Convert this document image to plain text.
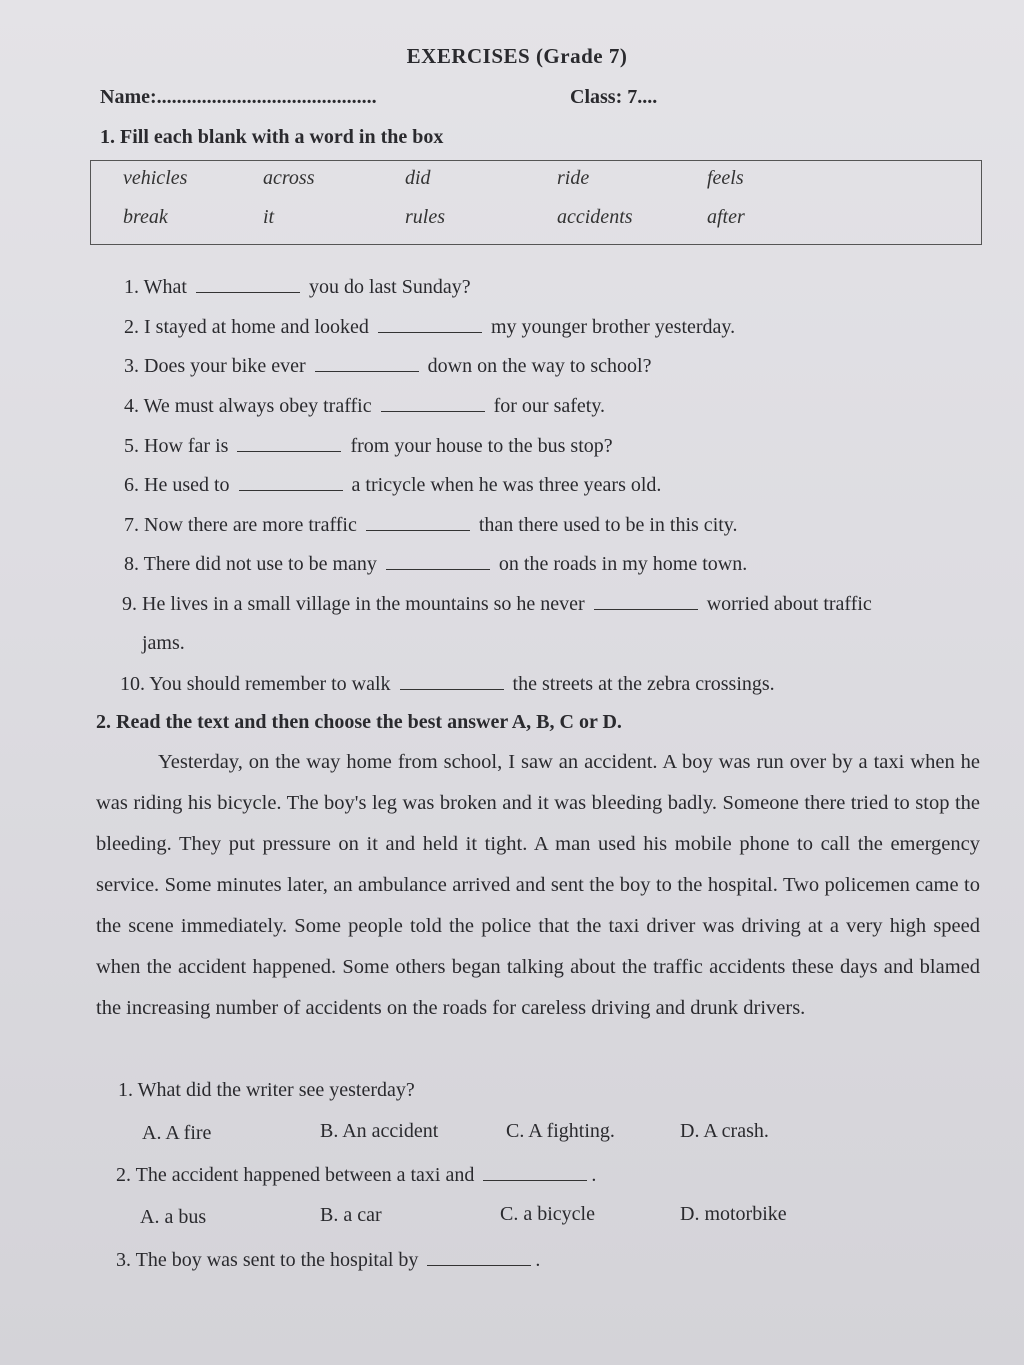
EXERCISES (Grade 7)
Name:............................................	Class: 7....
1. Fill each blank with a word in the box
vehicles	across	did	ride	feels
break	it	rules	accidents	after
1. What	you do last Sunday?
2. I stayed at home and looked	my younger brother yesterday.
3. Does your bike ever	down on the way to school?
4. We must always obey traffic	for our safety.
5. How far is	from your house to the bus stop?
6. He used to	a tricycle when he was three years old.
7. Now there are more traffic	than there used to be in this city.
8. There did not use to be many	on the roads in my home town.
9. He lives in a small village in the mountains so he never	worried about traffic
jams.
10. You should remember to walk	the streets at the zebra crossings.
2. Read the text and then choose the best answer A, B, C or D.

Yesterday, on the way home from school, I saw an accident. A boy was run over by a taxi when he was riding his bicycle. The boy's leg was broken and it was bleeding badly. Someone there tried to stop the bleeding. They put pressure on it and held it tight. A man used his mobile phone to call the emergency service. Some minutes later, an ambulance arrived and sent the boy to the hospital. Two policemen came to the scene immediately. Some people told the police that the taxi driver was driving at a very high speed when the accident happened. Some others began talking about the traffic accidents these days and blamed the increasing number of accidents on the roads for careless driving and drunk drivers.

1. What did the writer see yesterday?
A. A fire	B. An accident	C. A fighting.	D. A crash.
2. The accident happened between a taxi and	.
A. a bus	B. a car	C. a bicycle	D. motorbike
3. The boy was sent to the hospital by	.
